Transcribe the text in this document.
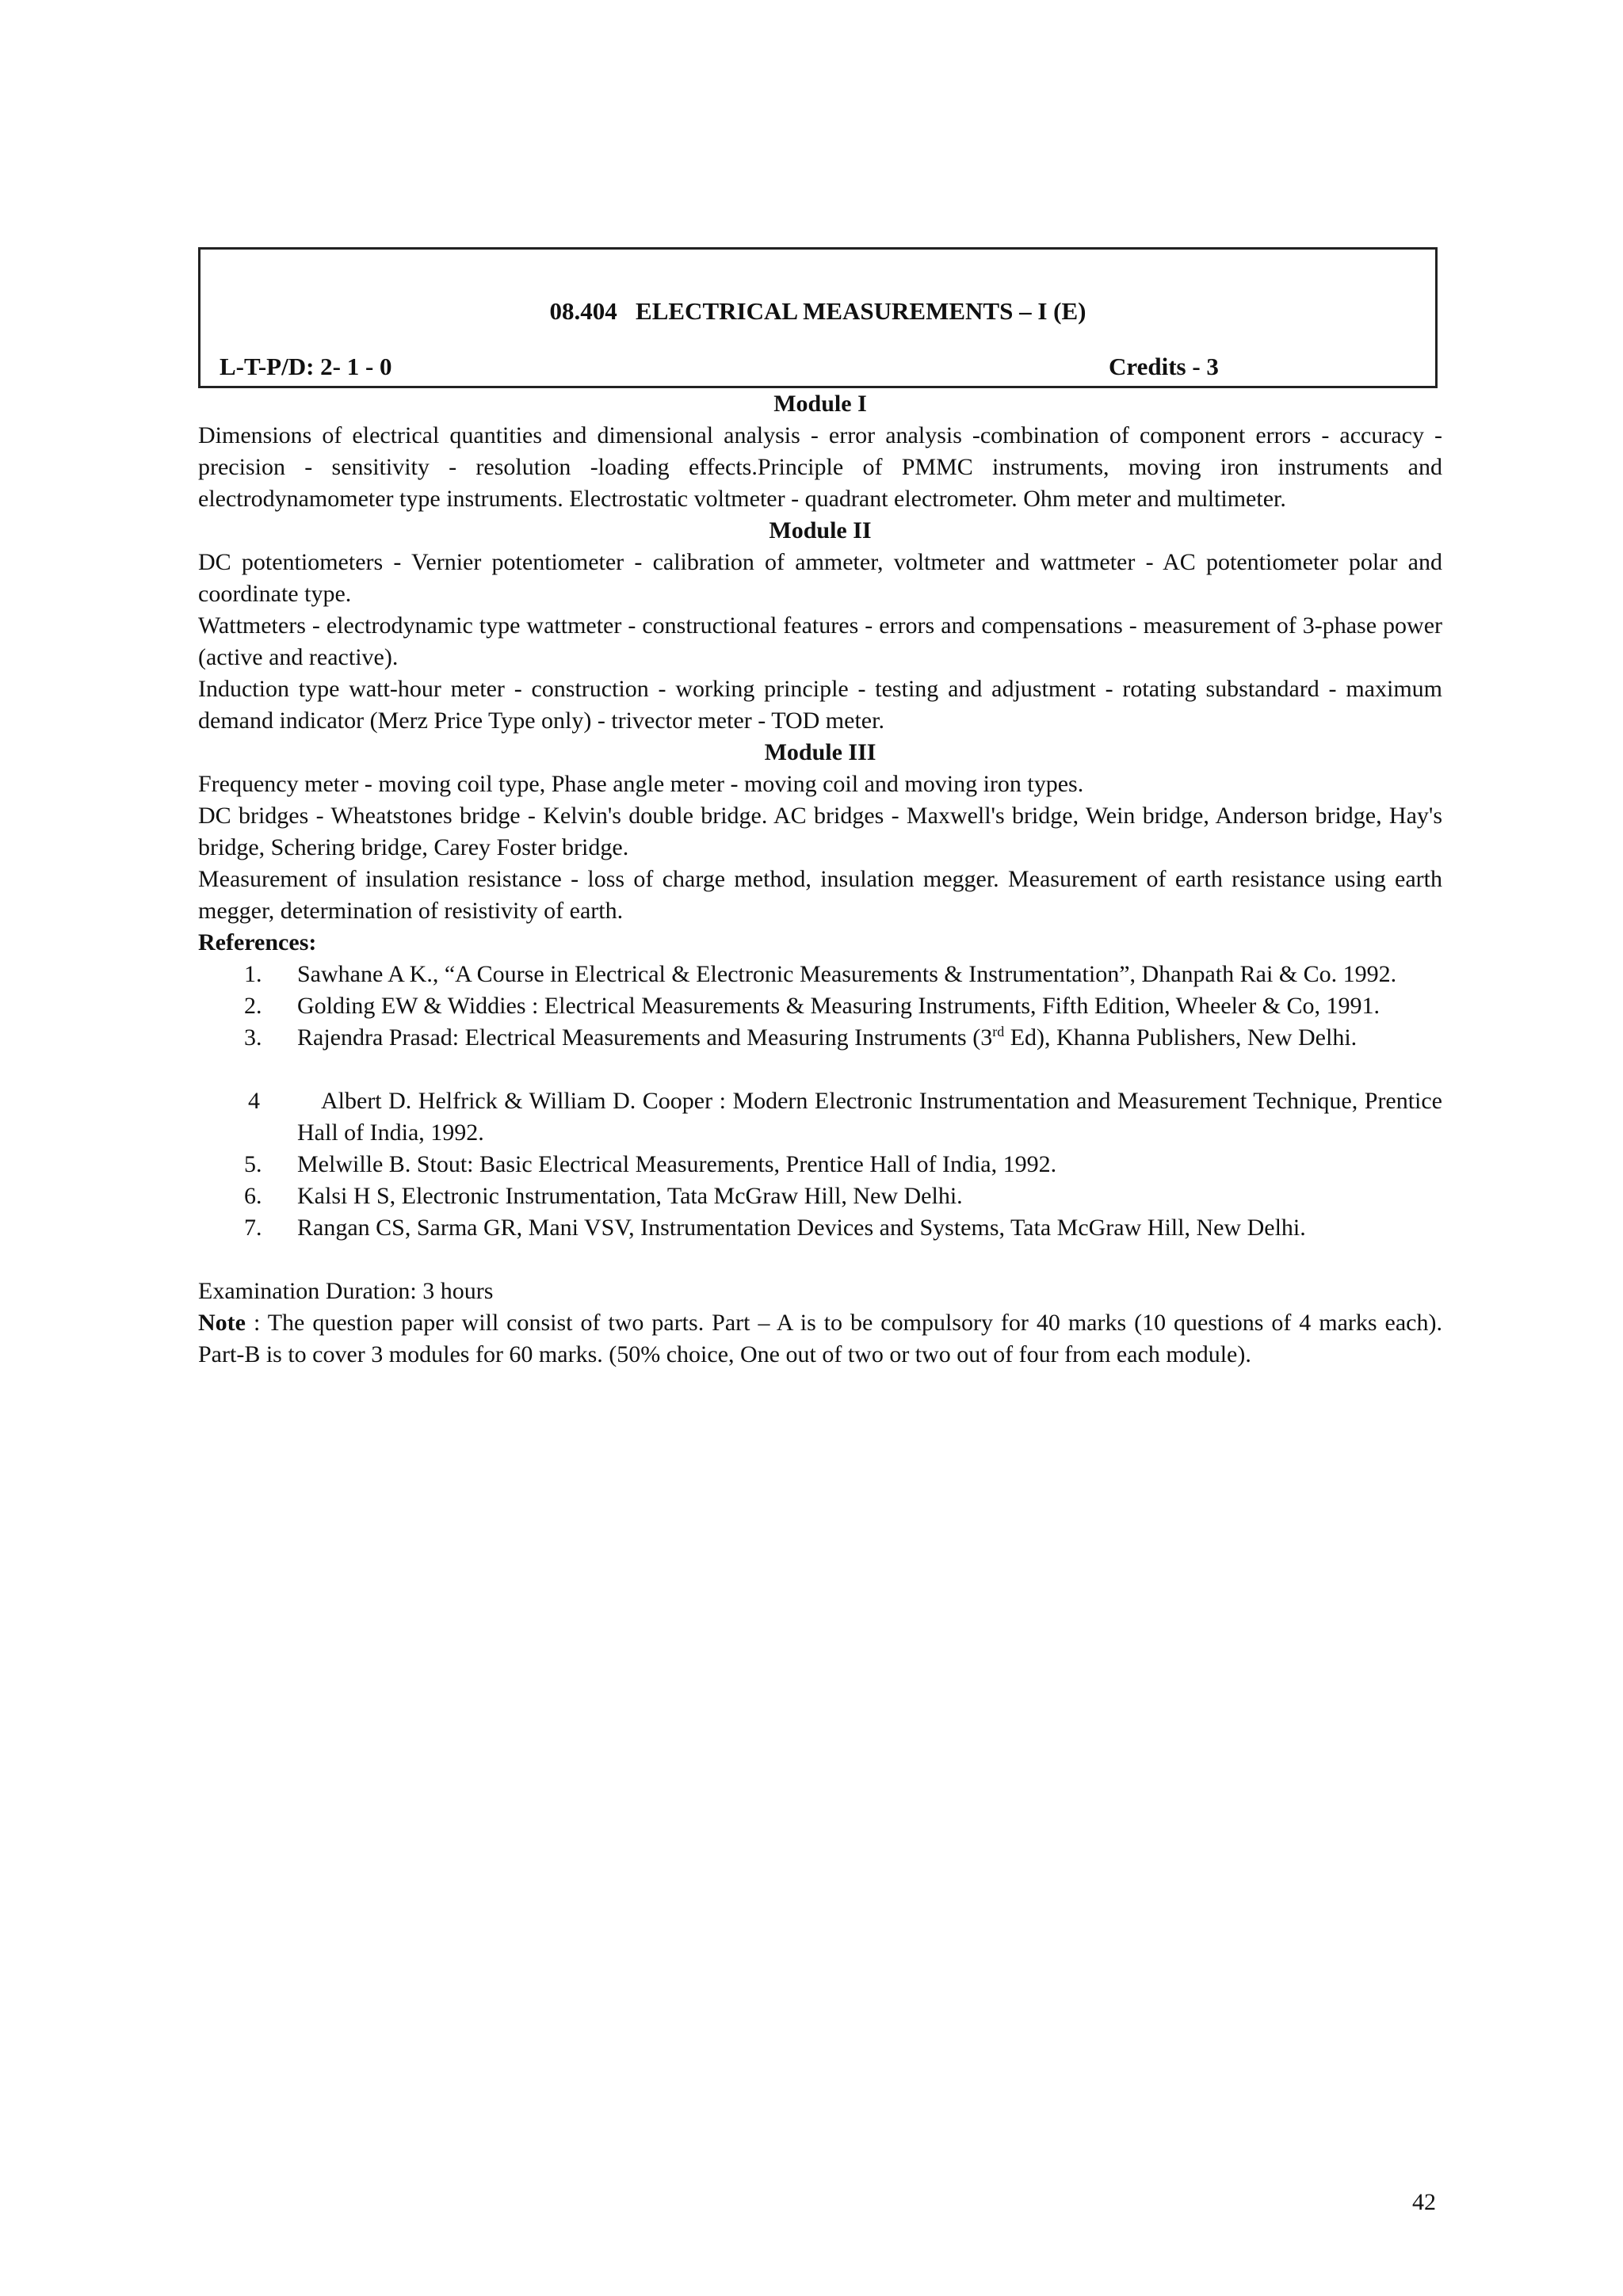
08.404 ELECTRICAL MEASUREMENTS – I (E)
L-T-P/D: 2- 1 - 0	Credits - 3
Module I

Dimensions of electrical quantities and dimensional analysis - error analysis -combination of component errors - accuracy - precision - sensitivity - resolution -loading effects.Principle of PMMC instruments, moving iron instruments and electrodynamometer type instruments. Electrostatic voltmeter - quadrant electrometer. Ohm meter and multimeter.

Module II

DC potentiometers - Vernier potentiometer - calibration of ammeter, voltmeter and wattmeter - AC potentiometer polar and coordinate type.

Wattmeters - electrodynamic type wattmeter - constructional features - errors and compensations - measurement of 3-phase power (active and reactive).

Induction type watt-hour meter - construction - working principle - testing and adjustment - rotating substandard - maximum demand indicator (Merz Price Type only) - trivector meter - TOD meter.

Module III

Frequency meter - moving coil type, Phase angle meter - moving coil and moving iron types.

DC bridges - Wheatstones bridge - Kelvin's double bridge. AC bridges - Maxwell's bridge, Wein bridge, Anderson bridge, Hay's bridge, Schering bridge, Carey Foster bridge.

Measurement of insulation resistance - loss of charge method, insulation megger. Measurement of earth resistance using earth megger, determination of resistivity of earth.

References:

1.	Sawhane A K., “A Course in Electrical & Electronic Measurements & Instrumentation”, Dhanpath Rai & Co. 1992.
2.	Golding EW & Widdies : Electrical Measurements & Measuring Instruments, Fifth Edition, Wheeler & Co, 1991.
3.	Rajendra Prasad: Electrical Measurements and Measuring Instruments (3rd Ed), Khanna Publishers, New Delhi.
4	Albert D. Helfrick & William D. Cooper : Modern Electronic Instrumentation and Measurement Technique, Prentice Hall of India, 1992.
5.	Melwille B. Stout: Basic Electrical Measurements, Prentice Hall of India, 1992.
6.	Kalsi H S, Electronic Instrumentation, Tata McGraw Hill, New Delhi.
7.	Rangan CS, Sarma GR, Mani VSV, Instrumentation Devices and Systems, Tata McGraw Hill, New Delhi.

Examination Duration: 3 hours

Note : The question paper will consist of two parts. Part – A is to be compulsory for 40 marks (10 questions of 4 marks each). Part-B is to cover 3 modules for 60 marks. (50% choice, One out of two or two out of four from each module).

42
